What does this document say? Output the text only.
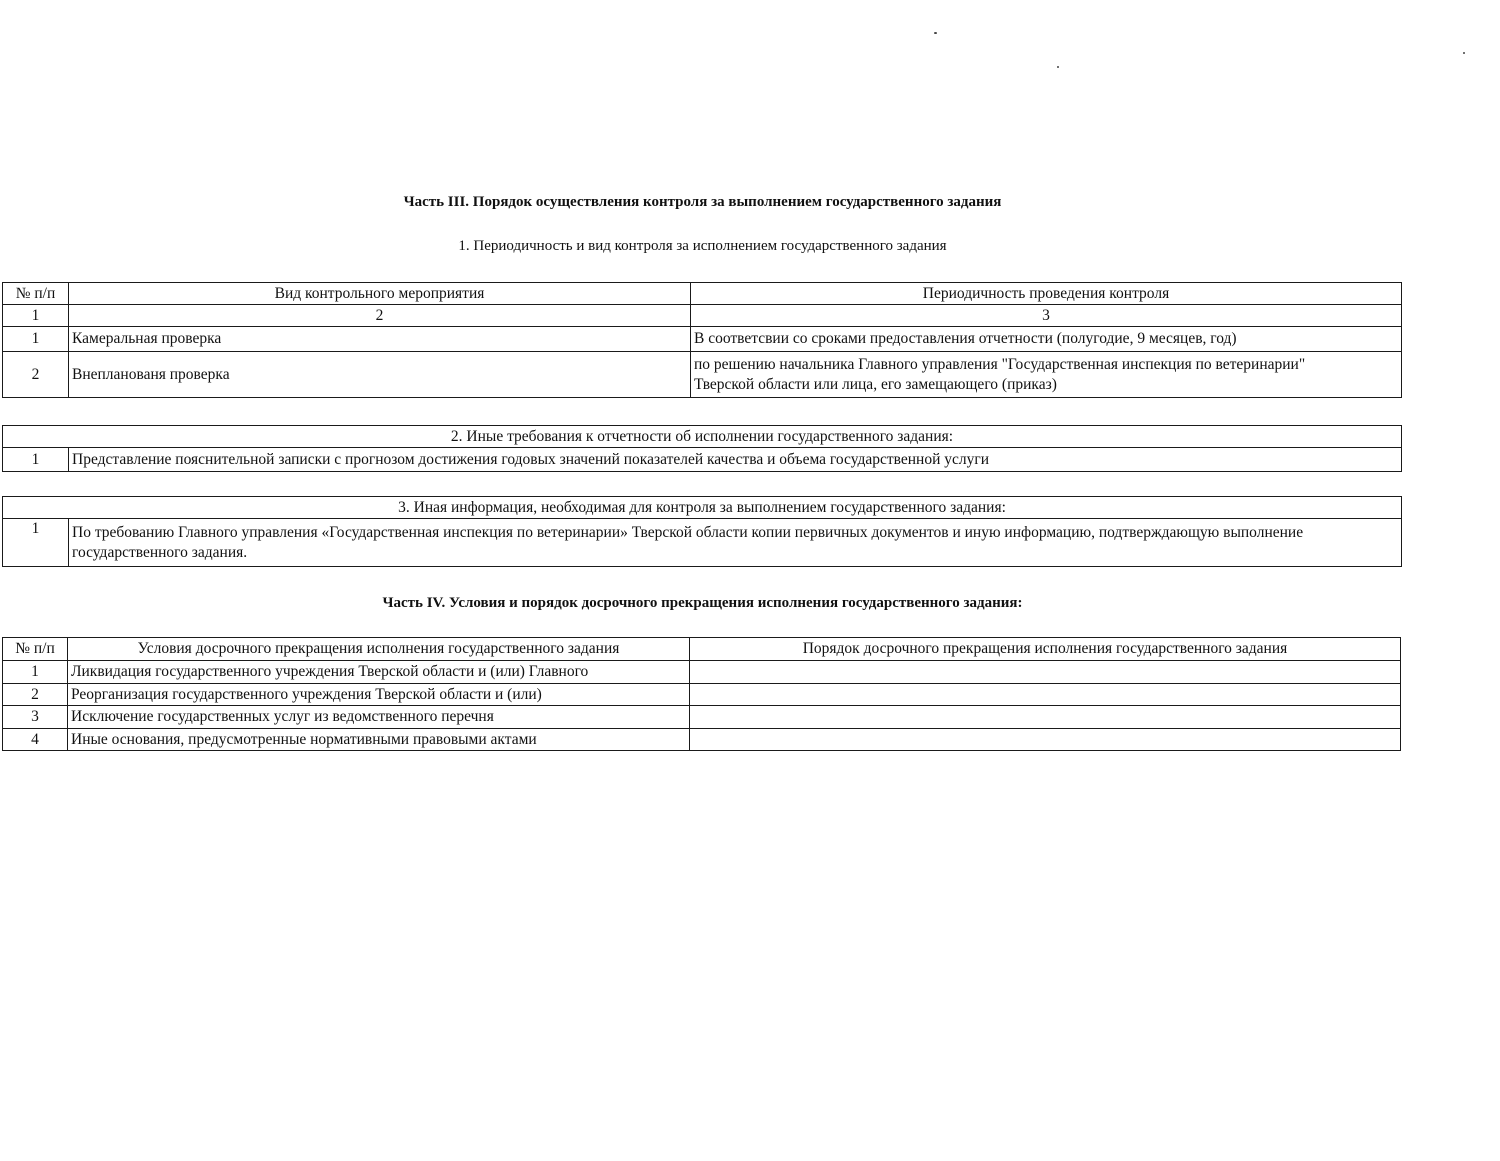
Часть III. Порядок осуществления контроля за выполнением государственного задания
1. Периодичность и вид контроля за исполнением государственного задания
№ п/п	Вид контрольного мероприятия	Периодичность проведения контроля
1	2	3
1	Камеральная проверка	В соответсвии со сроками предоставления отчетности (полугодие, 9 месяцев, год)
2	Внепланованя проверка	по решению начальника Главного управления "Государственная инспекция по ветеринарии" Тверской области или лица, его замещающего (приказ)
2. Иные требования к отчетности об исполнении государственного задания:
1	Представление пояснительной записки с прогнозом достижения годовых значений показателей качества и объема государственной услуги
3. Иная информация, необходимая для контроля за выполнением государственного задания:
1	По требованию Главного управления «Государственная инспекция по ветеринарии» Тверской области копии первичных документов и иную информацию, подтверждающую выполнение государственного задания.
Часть IV. Условия и порядок досрочного прекращения исполнения государственного задания:
№ п/п	Условия досрочного прекращения исполнения государственного задания	Порядок досрочного прекращения исполнения государственного задания
1	Ликвидация государственного учреждения Тверской области и (или) Главного	
2	Реорганизация государственного учреждения Тверской области и (или)	
3	Исключение государственных услуг из ведомственного перечня	
4	Иные основания, предусмотренные нормативными правовыми актами	
